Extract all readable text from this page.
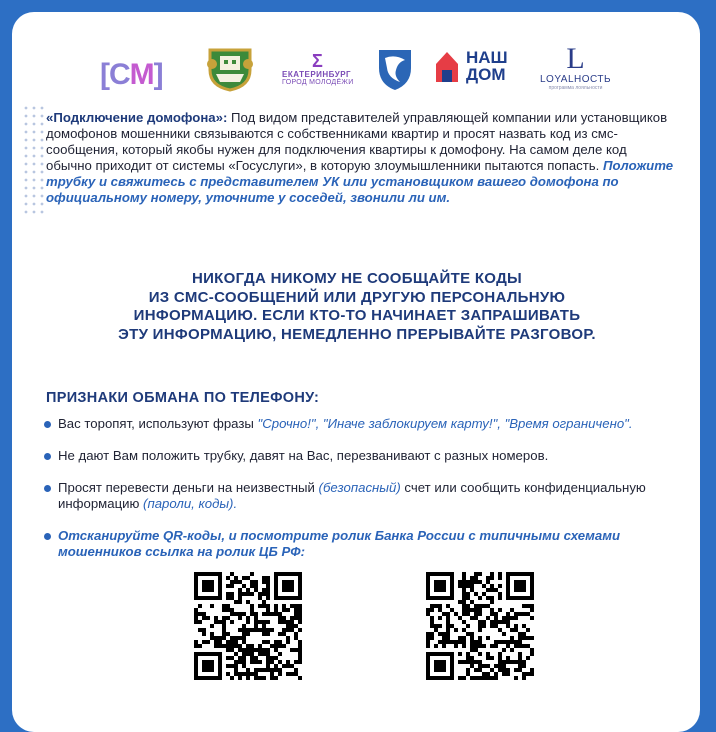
[С М ]	Ʃ
ЕКАТЕРИНБУРГ
ГОРОД МОЛОДЁЖИ
НАШ
ДОМ L
LOYALНОСТЬ
программа лояльности
«Подключение домофона»: Под видом представителей управляющей компании или установщиков домофонов мошенники связываются с собственниками квартир и просят назвать код из смс-сообщения, который якобы нужен для подключения квартиры к домофону. На самом деле код обычно приходит от системы «Госуслуги», в которую злоумышленники пытаются попасть. Положите трубку и свяжитесь с представителем УК или установщиком вашего домофона по официальному номеру, уточните у соседей, звонили ли им.
НИКОГДА НИКОМУ НЕ СООБЩАЙТЕ КОДЫ
ИЗ СМС-СООБЩЕНИЙ ИЛИ ДРУГУЮ ПЕРСОНАЛЬНУЮ
ИНФОРМАЦИЮ. ЕСЛИ КТО-ТО НАЧИНАЕТ ЗАПРАШИВАТЬ
ЭТУ ИНФОРМАЦИЮ, НЕМЕДЛЕННО ПРЕРЫВАЙТЕ РАЗГОВОР.
ПРИЗНАКИ ОБМАНА ПО ТЕЛЕФОНУ:
Вас торопят, используют фразы "Срочно!", "Иначе заблокируем карту!", "Время ограничено".
Не дают Вам положить трубку, давят на Вас, перезванивают с разных номеров.
Просят перевести деньги на неизвестный (безопасный) счет или сообщить конфиденциальную информацию (пароли, коды).
Отсканируйте QR-коды, и посмотрите ролик Банка России с типичными схемами мошенников ссылка на ролик ЦБ РФ:
